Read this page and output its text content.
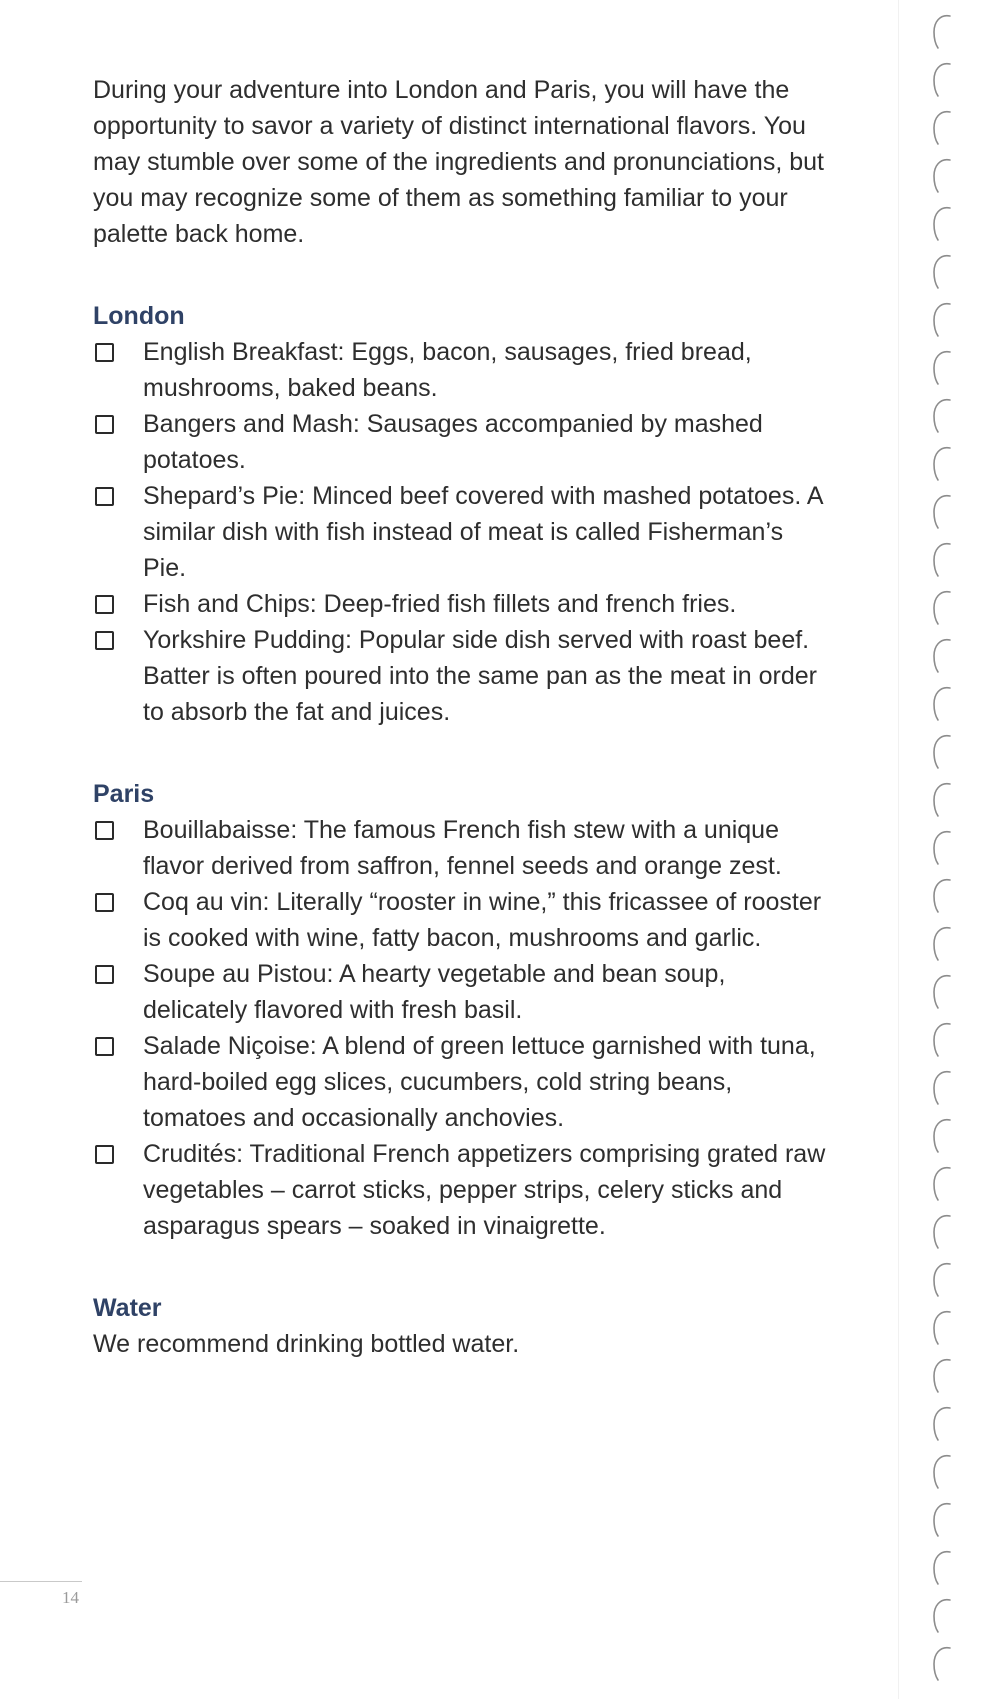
During your adventure into London and Paris, you will have the opportunity to savor a variety of distinct international flavors. You may stumble over some of the ingredients and pronunciations, but you may recognize some of them as something familiar to your palette back home.

London
English Breakfast: Eggs, bacon, sausages, fried bread, mushrooms, baked beans.
Bangers and Mash: Sausages accompanied by mashed potatoes.
Shepard’s Pie: Minced beef covered with mashed potatoes. A similar dish with fish instead of meat is called Fisherman’s Pie.
Fish and Chips: Deep-fried fish fillets and french fries.
Yorkshire Pudding: Popular side dish served with roast beef. Batter is often poured into the same pan as the meat in order to absorb the fat and juices.
Paris
Bouillabaisse: The famous French fish stew with a unique flavor derived from saffron, fennel seeds and orange zest.
Coq au vin: Literally “rooster in wine,” this fricassee of rooster is cooked with wine, fatty bacon, mushrooms and garlic.
Soupe au Pistou: A hearty vegetable and bean soup, delicately flavored with fresh basil.
Salade Niçoise: A blend of green lettuce garnished with tuna, hard-boiled egg slices, cucumbers, cold string beans, tomatoes and occasionally anchovies.
Crudités: Traditional French appetizers comprising grated raw vegetables – carrot sticks, pepper strips, celery sticks and asparagus spears – soaked in vinaigrette.
Water

We recommend drinking bottled water.

14
